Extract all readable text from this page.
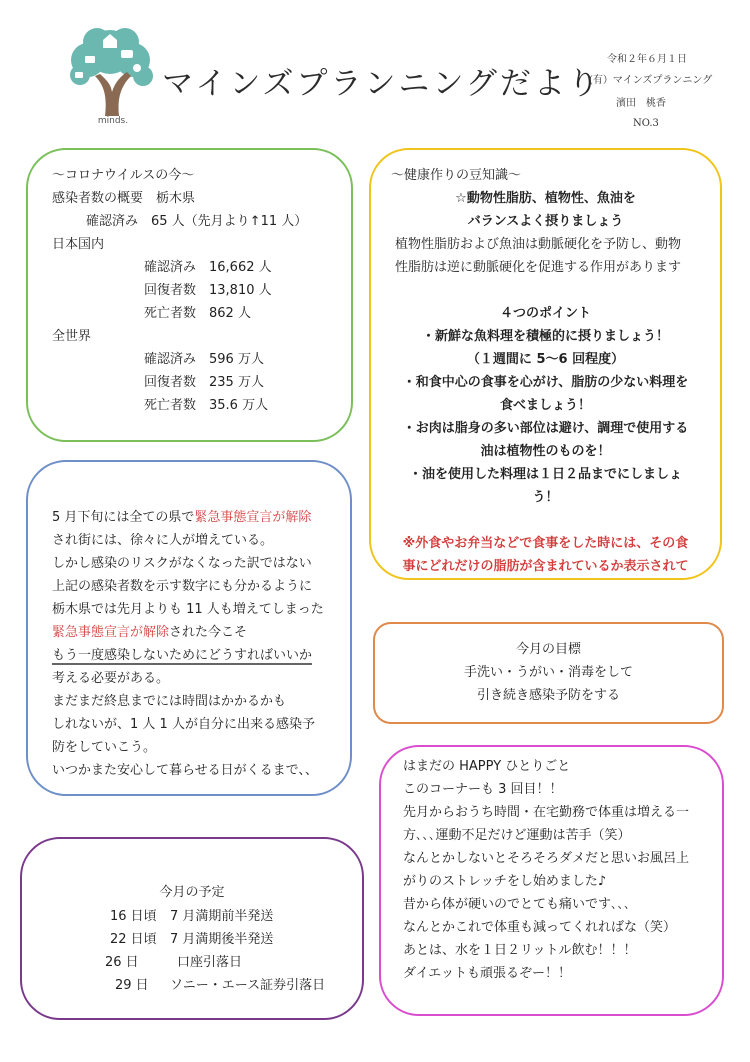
minds.
マインズプランニングだより
令和２年６月１日
(有）マインズプランニング
濱田　桃香
NO.3
～コロナウイルスの今～
感染者数の概要　栃木県
確認済み　65 人（先月より↑11 人）
日本国内
確認済み　16,662 人
回復者数　13,810 人
死亡者数　862 人
全世界
確認済み　596 万人
回復者数　235 万人
死亡者数　35.6 万人
5 月下旬には全ての県で緊急事態宣言が解除
され街には、徐々に人が増えている。
しかし感染のリスクがなくなった訳ではない
上記の感染者数を示す数字にも分かるように
栃木県では先月よりも 11 人も増えてしまった
緊急事態宣言が解除された今こそ
もう一度感染しないためにどうすればいいか
考える必要がある。
まだまだ終息までには時間はかかるかも
しれないが、1 人 1 人が自分に出来る感染予
防をしていこう。
いつかまた安心して暮らせる日がくるまで、、
今月の予定
16 日頃	7 月満期前半発送
22 日頃	7 月満期後半発送
26 日	口座引落日
29 日	ソニー・エース証券引落日
～健康作りの豆知識～
☆動物性脂肪、植物性、魚油を
バランスよく摂りましょう
植物性脂肪および魚油は動脈硬化を予防し、動物
性脂肪は逆に動脈硬化を促進する作用があります
４つのポイント
・新鮮な魚料理を積極的に摂りましょう！
（１週間に 5～6 回程度）
・和食中心の食事を心がけ、脂肪の少ない料理を
食べましょう！
・お肉は脂身の多い部位は避け、調理で使用する
油は植物性のものを！
・油を使用した料理は１日２品までにしましょ
う！
※外食やお弁当などで食事をした時には、その食
事にどれだけの脂肪が含まれているか表示されて
今月の目標
手洗い・うがい・消毒をして
引き続き感染予防をする
はまだの HAPPY ひとりごと
このコーナーも 3 回目！！
先月からおうち時間・在宅勤務で体重は増える一
方､､､運動不足だけど運動は苦手（笑）
なんとかしないとそろそろダメだと思いお風呂上
がりのストレッチをし始めました♪
昔から体が硬いのでとても痛いです､､､
なんとかこれで体重も減ってくれればな（笑）
あとは、水を１日２リットル飲む！！！
ダイエットも頑張るぞー！！
